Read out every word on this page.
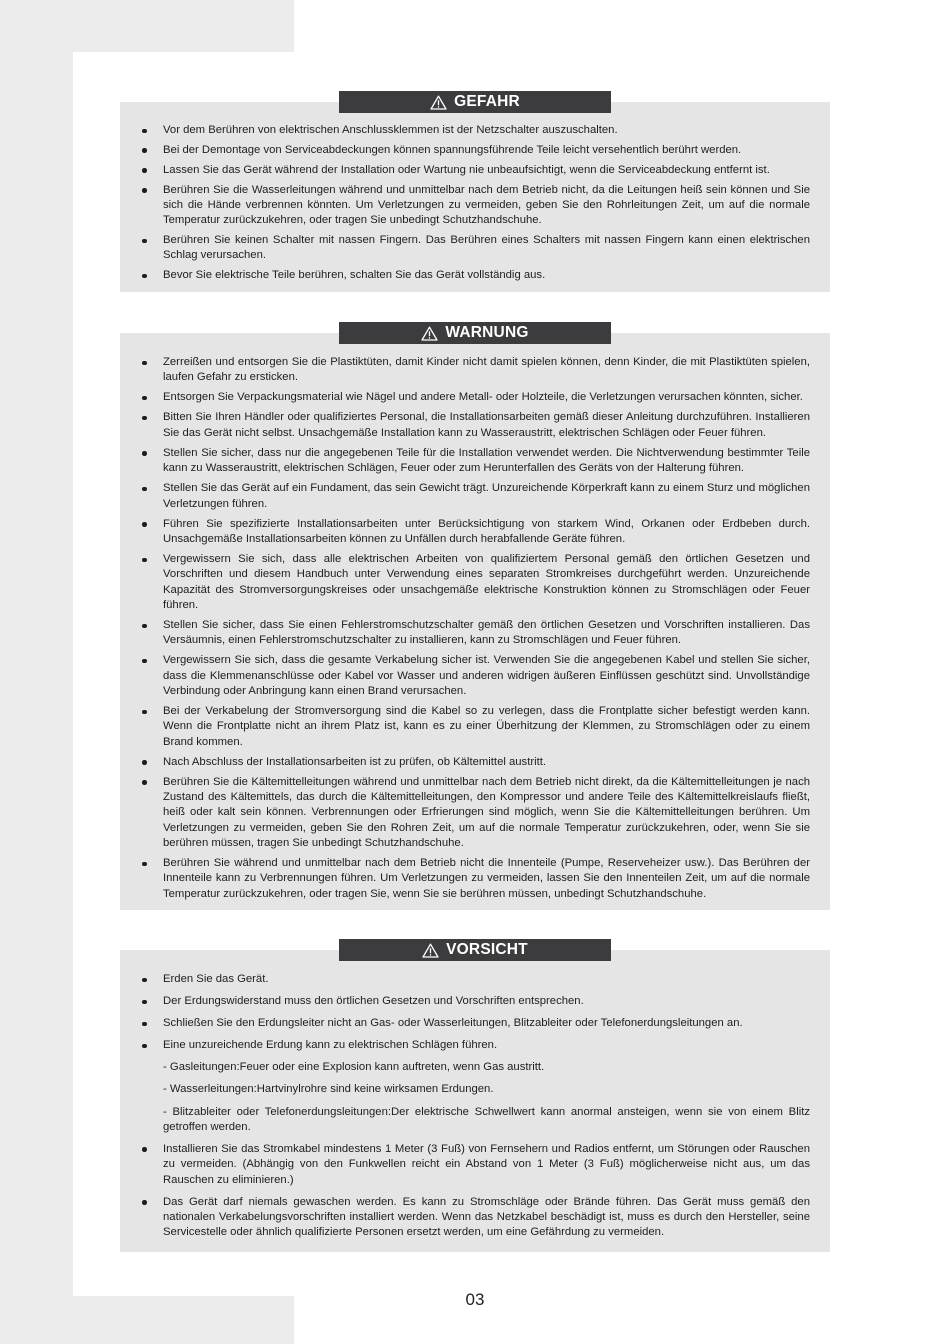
GEFAHR
Vor dem Berühren von elektrischen Anschlussklemmen ist der Netzschalter auszuschalten.
Bei der Demontage von Serviceabdeckungen können spannungsführende Teile leicht versehentlich berührt werden.
Lassen Sie das Gerät während der Installation oder Wartung nie unbeaufsichtigt, wenn die Serviceabdeckung entfernt ist.
Berühren Sie die Wasserleitungen während und unmittelbar nach dem Betrieb nicht, da die Leitungen heiß sein können und Sie sich die Hände verbrennen könnten. Um Verletzungen zu vermeiden, geben Sie den Rohrleitungen Zeit, um auf die normale Temperatur zurückzukehren, oder tragen Sie unbedingt Schutzhandschuhe.
Berühren Sie keinen Schalter mit nassen Fingern. Das Berühren eines Schalters mit nassen Fingern kann einen elektrischen Schlag verursachen.
Bevor Sie elektrische Teile berühren, schalten Sie das Gerät vollständig aus.
WARNUNG
Zerreißen und entsorgen Sie die Plastiktüten, damit Kinder nicht damit spielen können, denn Kinder, die mit Plastiktüten spielen, laufen Gefahr zu ersticken.
Entsorgen Sie Verpackungsmaterial wie Nägel und andere Metall- oder Holzteile, die Verletzungen verursachen könnten, sicher.
Bitten Sie Ihren Händler oder qualifiziertes Personal, die Installationsarbeiten gemäß dieser Anleitung durchzuführen. Installieren Sie das Gerät nicht selbst. Unsachgemäße Installation kann zu Wasseraustritt, elektrischen Schlägen oder Feuer führen.
Stellen Sie sicher, dass nur die angegebenen Teile für die Installation verwendet werden. Die Nichtverwendung bestimmter Teile kann zu Wasseraustritt, elektrischen Schlägen, Feuer oder zum Herunterfallen des Geräts von der Halterung führen.
Stellen Sie das Gerät auf ein Fundament, das sein Gewicht trägt. Unzureichende Körperkraft kann zu einem Sturz und möglichen Verletzungen führen.
Führen Sie spezifizierte Installationsarbeiten unter Berücksichtigung von starkem Wind, Orkanen oder Erdbeben durch. Unsachgemäße Installationsarbeiten können zu Unfällen durch herabfallende Geräte führen.
Vergewissern Sie sich, dass alle elektrischen Arbeiten von qualifiziertem Personal gemäß den örtlichen Gesetzen und Vorschriften und diesem Handbuch unter Verwendung eines separaten Stromkreises durchgeführt werden. Unzureichende Kapazität des Stromversorgungskreises oder unsachgemäße elektrische Konstruktion können zu Stromschlägen oder Feuer führen.
Stellen Sie sicher, dass Sie einen Fehlerstromschutzschalter gemäß den örtlichen Gesetzen und Vorschriften installieren. Das Versäumnis, einen Fehlerstromschutzschalter zu installieren, kann zu Stromschlägen und Feuer führen.
Vergewissern Sie sich, dass die gesamte Verkabelung sicher ist. Verwenden Sie die angegebenen Kabel und stellen Sie sicher, dass die Klemmenanschlüsse oder Kabel vor Wasser und anderen widrigen äußeren Einflüssen geschützt sind. Unvollständige Verbindung oder Anbringung kann einen Brand verursachen.
Bei der Verkabelung der Stromversorgung sind die Kabel so zu verlegen, dass die Frontplatte sicher befestigt werden kann. Wenn die Frontplatte nicht an ihrem Platz ist, kann es zu einer Überhitzung der Klemmen, zu Stromschlägen oder zu einem Brand kommen.
Nach Abschluss der Installationsarbeiten ist zu prüfen, ob Kältemittel austritt.
Berühren Sie die Kältemittelleitungen während und unmittelbar nach dem Betrieb nicht direkt, da die Kältemittelleitungen je nach Zustand des Kältemittels, das durch die Kältemittelleitungen, den Kompressor und andere Teile des Kältemittelkreislaufs fließt, heiß oder kalt sein können. Verbrennungen oder Erfrierungen sind möglich, wenn Sie die Kältemittelleitungen berühren. Um Verletzungen zu vermeiden, geben Sie den Rohren Zeit, um auf die normale Temperatur zurückzukehren, oder, wenn Sie sie berühren müssen, tragen Sie unbedingt Schutzhandschuhe.
Berühren Sie während und unmittelbar nach dem Betrieb nicht die Innenteile (Pumpe, Reserveheizer usw.). Das Berühren der Innenteile kann zu Verbrennungen führen. Um Verletzungen zu vermeiden, lassen Sie den Innenteilen Zeit, um auf die normale Temperatur zurückzukehren, oder tragen Sie, wenn Sie sie berühren müssen, unbedingt Schutzhandschuhe.
VORSICHT
Erden Sie das Gerät.
Der Erdungswiderstand muss den örtlichen Gesetzen und Vorschriften entsprechen.
Schließen Sie den Erdungsleiter nicht an Gas- oder Wasserleitungen, Blitzableiter oder Telefonerdungsleitungen an.
Eine unzureichende Erdung kann zu elektrischen Schlägen führen.
- Gasleitungen:Feuer oder eine Explosion kann auftreten, wenn Gas austritt.
- Wasserleitungen:Hartvinylrohre sind keine wirksamen Erdungen.
- Blitzableiter oder Telefonerdungsleitungen:Der elektrische Schwellwert kann anormal ansteigen, wenn sie von einem Blitz getroffen werden.
Installieren Sie das Stromkabel mindestens 1 Meter (3 Fuß) von Fernsehern und Radios entfernt, um Störungen oder Rauschen zu vermeiden. (Abhängig von den Funkwellen reicht ein Abstand von 1 Meter (3 Fuß) möglicherweise nicht aus, um das Rauschen zu eliminieren.)
Das Gerät darf niemals gewaschen werden. Es kann zu Stromschläge oder Brände führen. Das Gerät muss gemäß den nationalen Verkabelungsvorschriften installiert werden. Wenn das Netzkabel beschädigt ist, muss es durch den Hersteller, seine Servicestelle oder ähnlich qualifizierte Personen ersetzt werden, um eine Gefährdung zu vermeiden.
03
